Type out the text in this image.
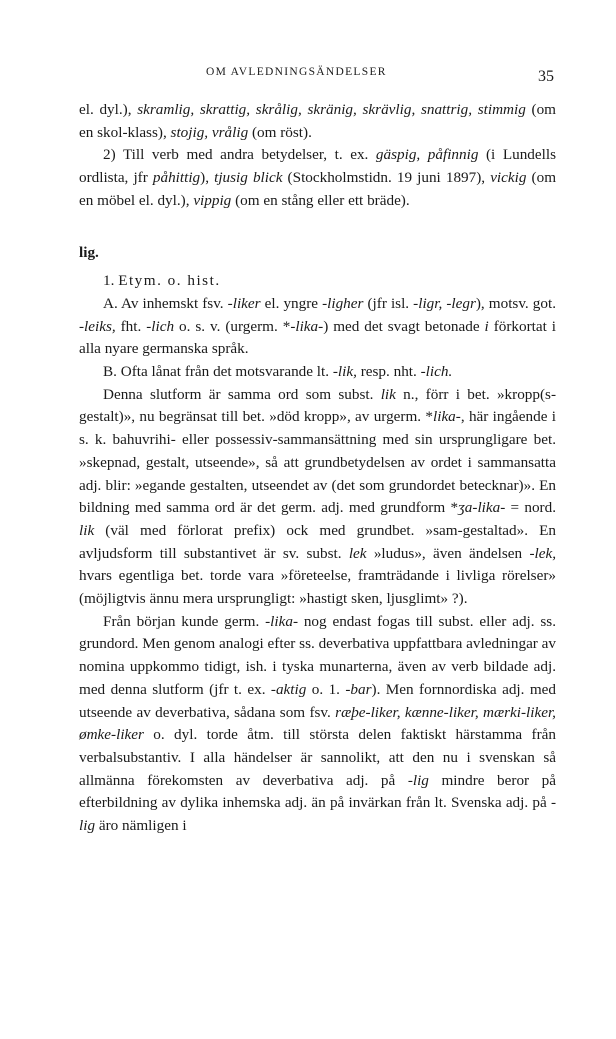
OM AVLEDNINGSÄNDELSER	35

el. dyl.), skramlig, skrattig, skrålig, skränig, skrävlig, snattrig, stimmig (om en skol-klass), stojig, vrålig (om röst).

2) Till verb med andra betydelser, t. ex. gäspig, påfinnig (i Lundells ordlista, jfr påhittig), tjusig blick (Stockholmstidn. 19 juni 1897), vickig (om en möbel el. dyl.), vippig (om en stång eller ett bräde).

lig.

1. Etym. o. hist.

A. Av inhemskt fsv. -liker el. yngre -ligher (jfr isl. -ligr, -legr), motsv. got. -leiks, fht. -lich o. s. v. (urgerm. *-lika-) med det svagt betonade i förkortat i alla nyare germanska språk.

B. Ofta lånat från det motsvarande lt. -lik, resp. nht. -lich.

Denna slutform är samma ord som subst. lik n., förr i bet. »kropp(s-gestalt)», nu begränsat till bet. »död kropp», av urgerm. *lika-, här ingående i s. k. bahuvrihi- eller possessiv-sammansättning med sin ursprungligare bet. »skepnad, gestalt, utseende», så att grundbetydelsen av ordet i sammansatta adj. blir: »egande gestalten, utseendet av (det som grundordet betecknar)». En bildning med samma ord är det germ. adj. med grundform *ʒa-lika- = nord. lik (väl med förlorat prefix) ock med grundbet. »sam-gestaltad». En avljudsform till substantivet är sv. subst. lek »ludus», även ändelsen -lek, hvars egentliga bet. torde vara »företeelse, framträdande i livliga rörelser» (möjligtvis ännu mera ursprungligt: »hastigt sken, ljusglimt» ?).

Från början kunde germ. -lika- nog endast fogas till subst. eller adj. ss. grundord. Men genom analogi efter ss. deverbativa uppfattbara avledningar av nomina uppkommo tidigt, ish. i tyska munarterna, även av verb bildade adj. med denna slutform (jfr t. ex. -aktig o. 1. -bar). Men fornnordiska adj. med utseende av deverbativa, sådana som fsv. ræþe-liker, kænne-liker, mærki-liker, ømke-liker o. dyl. torde åtm. till största delen faktiskt härstamma från verbalsubstantiv. I alla händelser är sannolikt, att den nu i svenskan så allmänna förekomsten av deverbativa adj. på -lig mindre beror på efterbildning av dylika inhemska adj. än på invärkan från lt. Svenska adj. på -lig äro nämligen i
